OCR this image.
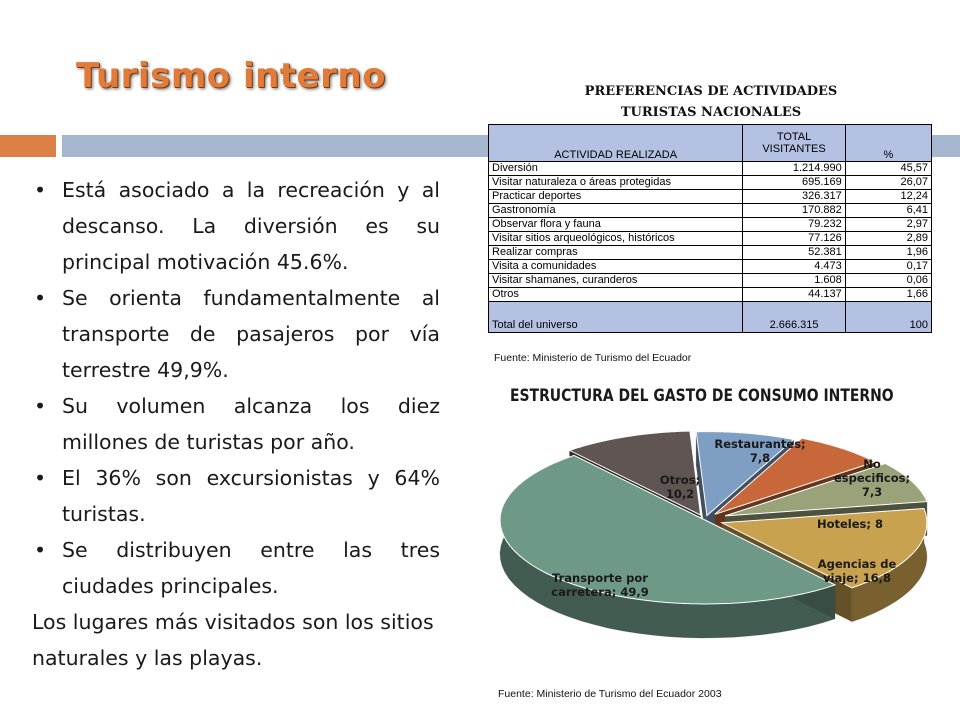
Turismo interno
• Está asociado a la recreación y al descanso. La diversión es su principal motivación 45.6%.
• Se orienta fundamentalmente al transporte de pasajeros por vía terrestre 49,9%.
• Su volumen alcanza los diez millones de turistas por año.
• El 36% son excursionistas y 64% turistas.
• Se distribuyen entre las tres ciudades principales.
Los lugares más visitados son los sitios naturales y las playas.
PREFERENCIAS DE ACTIVIDADES
TURISTAS NACIONALES
ACTIVIDAD REALIZADA	TOTAL VISITANTES	%
Diversión	1.214.990	45,57
Visitar naturaleza o áreas protegidas	695.169	26,07
Practicar deportes	326.317	12,24
Gastronomía	170.882	6,41
Observar flora y fauna	79.232	2,97
Visitar sitios arqueológicos, históricos	77.126	2,89
Realizar compras	52.381	1,96
Visita a comunidades	4.473	0,17
Visitar shamanes, curanderos	1.608	0,06
Otros	44.137	1,66
Total del universo	2.666.315	100
Fuente: Ministerio de Turismo del Ecuador
ESTRUCTURA DEL GASTO DE CONSUMO INTERNO
Restaurantes; 7,8	No especificos; 7,3
Hoteles; 8
Agencias de viaje; 16,8
Transporte por carretera; 49,9
Otros; 10,2
Fuente: Ministerio de Turismo del Ecuador 2003
